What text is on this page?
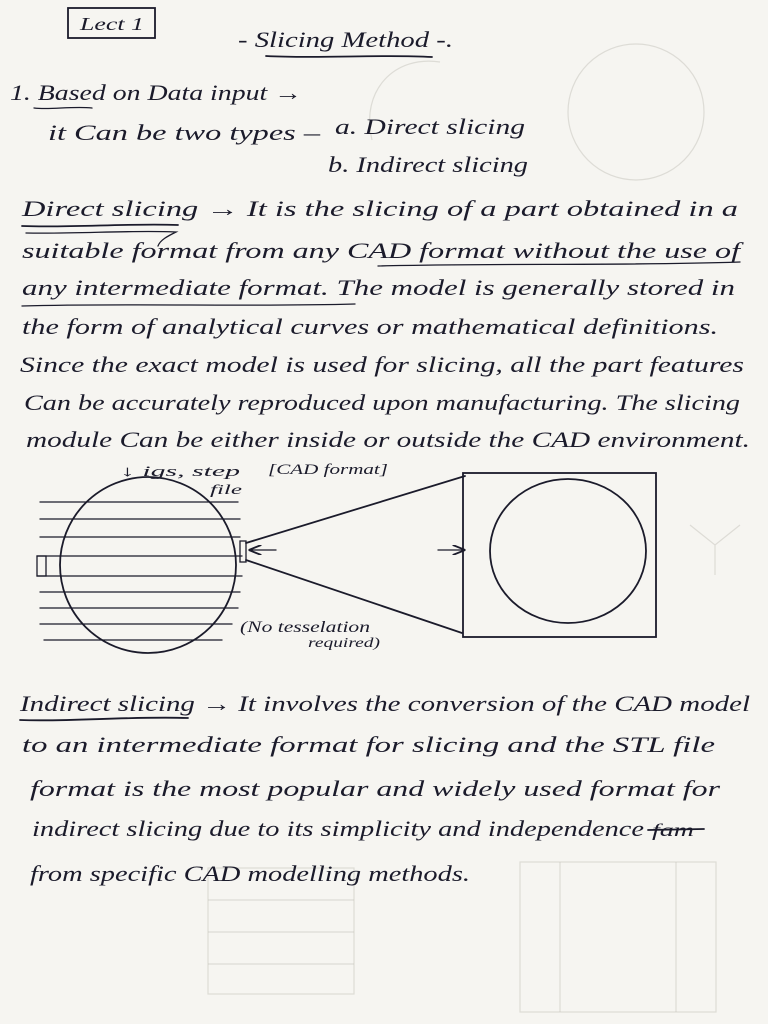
Lect 1
- Slicing Method -.
1. Based on Data input →
it Can be two types – a. Direct slicing
b. Indirect slicing
Direct slicing → It is the slicing of a part obtained in a
suitable format from any CAD format without the use of
any intermediate format. The model is generally stored in
the form of analytical curves or mathematical definitions.
Since the exact model is used for slicing, all the part features
Can be accurately reproduced upon manufacturing. The slicing
module Can be either inside or outside the CAD environment.
↓ igs, step [CAD format]
file
(No tesselation
required)
Indirect slicing → It involves the conversion of the CAD model
to an intermediate format for slicing and the STL file
format is the most popular and widely used format for
indirect slicing due to its simplicity and independence fam
from specific CAD modelling methods.
